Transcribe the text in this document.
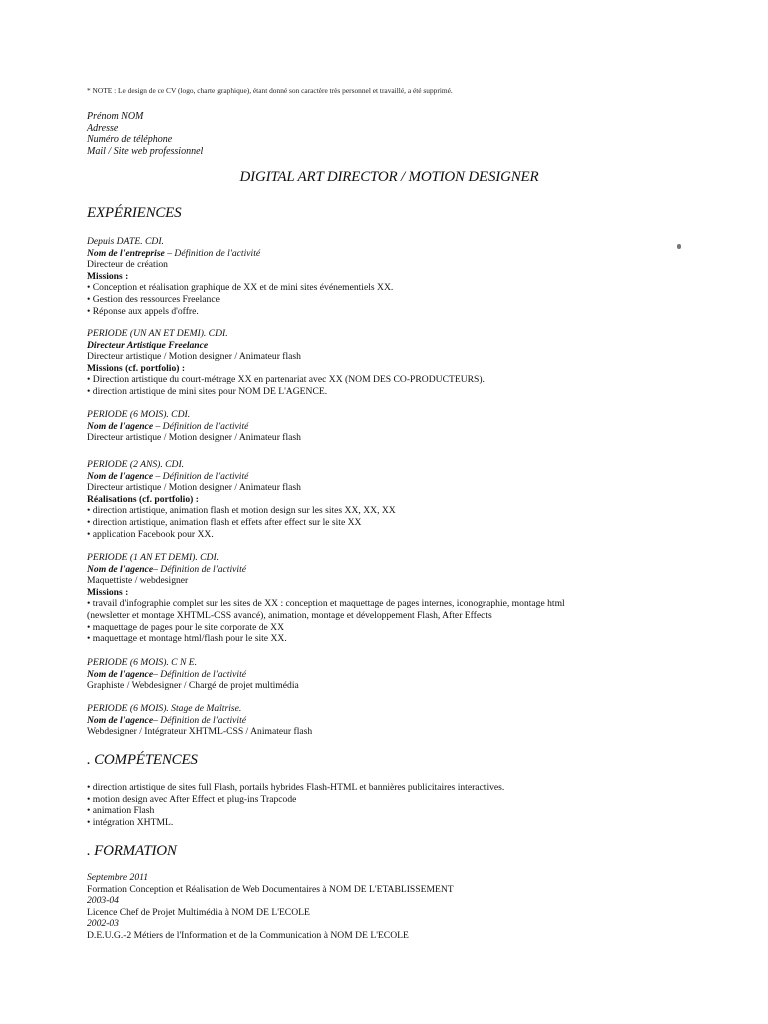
* NOTE : Le design de ce CV (logo, charte graphique), étant donné son caractère très personnel et travaillé, a été supprimé.
Prénom NOM
Adresse
Numéro de téléphone
Mail / Site web professionnel
DIGITAL ART DIRECTOR / MOTION DESIGNER
EXPÉRIENCES
Depuis DATE. CDI.
Nom de l'entreprise – Définition de l'activité
Directeur de création
Missions :
• Conception et réalisation graphique de XX et de mini sites événementiels XX.
• Gestion des ressources Freelance
• Réponse aux appels d'offre.
PERIODE (UN AN ET DEMI). CDI.
Directeur Artistique Freelance
Directeur artistique / Motion designer / Animateur flash
Missions (cf. portfolio) :
• Direction artistique du court-métrage XX en partenariat avec XX (NOM DES CO-PRODUCTEURS).
• direction artistique de mini sites pour NOM DE L'AGENCE.
PERIODE (6 MOIS). CDI.
Nom de l'agence – Définition de l'activité
Directeur artistique / Motion designer / Animateur flash
PERIODE (2 ANS). CDI.
Nom de l'agence – Définition de l'activité
Directeur artistique / Motion designer / Animateur flash
Réalisations (cf. portfolio) :
• direction artistique, animation flash et motion design sur les sites XX, XX, XX
• direction artistique, animation flash et effets after effect sur le site XX
• application Facebook pour XX.
PERIODE (1 AN ET DEMI). CDI.
Nom de l'agence– Définition de l'activité
Maquettiste / webdesigner
Missions :
• travail d'infographie complet sur les sites de XX : conception et maquettage de pages internes, iconographie, montage html
(newsletter et montage XHTML-CSS avancé), animation, montage et développement Flash, After Effects
• maquettage de pages pour le site corporate de XX
• maquettage et montage html/flash pour le site XX.
PERIODE (6 MOIS). C N E.
Nom de l'agence– Définition de l'activité
Graphiste / Webdesigner / Chargé de projet multimédia
PERIODE (6 MOIS). Stage de Maîtrise.
Nom de l'agence– Définition de l'activité
Webdesigner / Intégrateur XHTML-CSS / Animateur flash
. COMPÉTENCES
• direction artistique de sites full Flash, portails hybrides Flash-HTML et bannières publicitaires interactives.
• motion design avec After Effect et plug-ins Trapcode
• animation Flash
• intégration XHTML.
. FORMATION
Septembre 2011
Formation Conception et Réalisation de Web Documentaires à NOM DE L'ETABLISSEMENT
2003-04
Licence Chef de Projet Multimédia à NOM DE L'ECOLE
2002-03
D.E.U.G.-2 Métiers de l'Information et de la Communication à NOM DE L'ECOLE
